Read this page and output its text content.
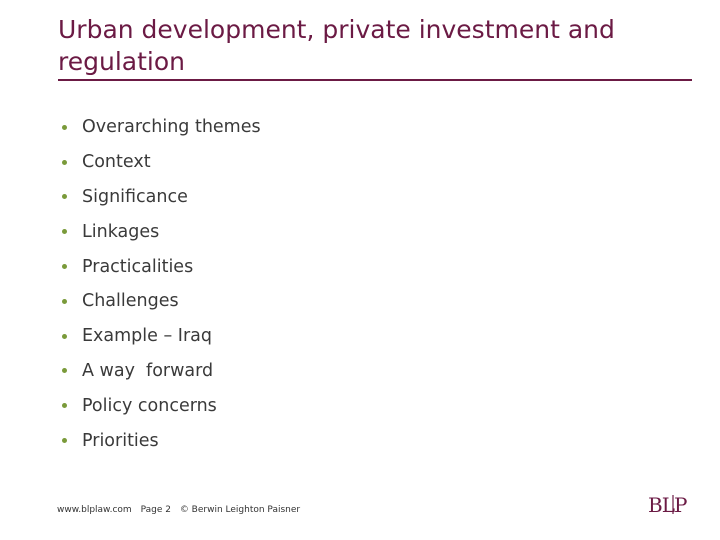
Urban development, private investment and regulation
Overarching themes
Context
Significance
Linkages
Practicalities
Challenges
Example – Iraq
A way  forward
Policy concerns
Priorities
www.blplaw.com Page 2 © Berwin Leighton Paisner	BLP
